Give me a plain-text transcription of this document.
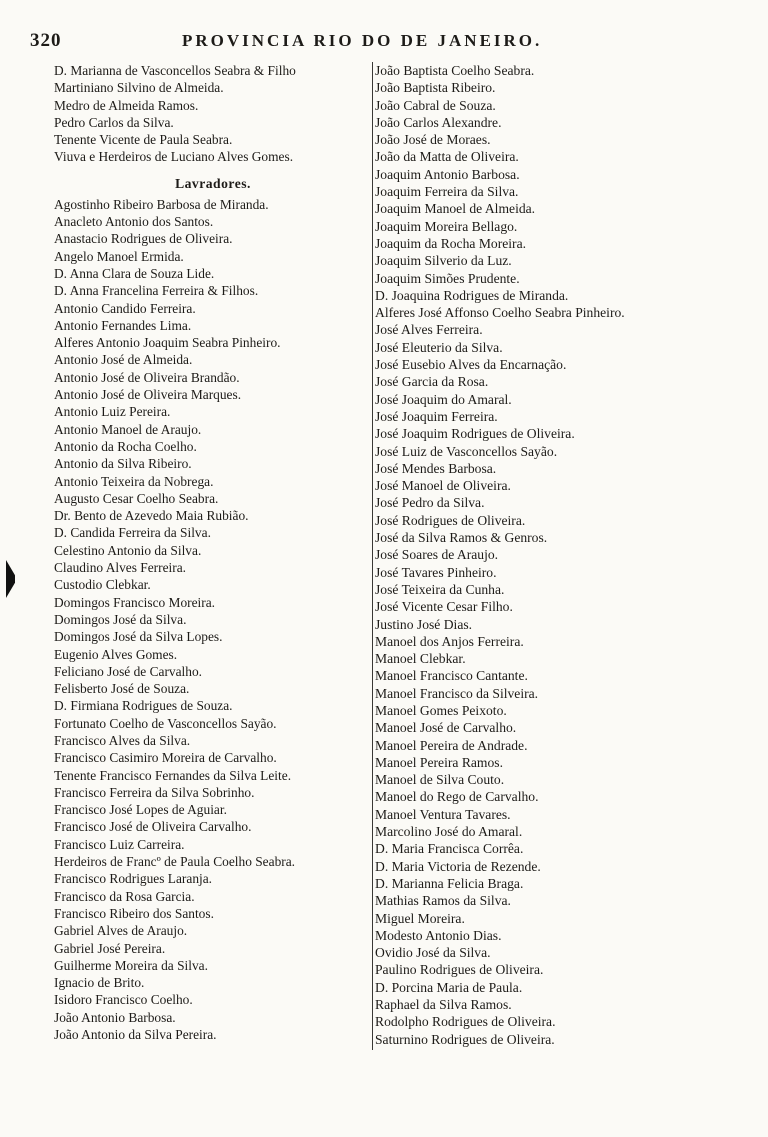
320	PROVINCIA RIO DO DE JANEIRO.
D. Marianna de Vasconcellos Seabra & Filho
Martiniano Silvino de Almeida.
Medro de Almeida Ramos.
Pedro Carlos da Silva.
Tenente Vicente de Paula Seabra.
Viuva e Herdeiros de Luciano Alves Gomes.
Lavradores.
Agostinho Ribeiro Barbosa de Miranda.
Anacleto Antonio dos Santos.
Anastacio Rodrigues de Oliveira.
Angelo Manoel Ermida.
D. Anna Clara de Souza Lide.
D. Anna Francelina Ferreira & Filhos.
Antonio Candido Ferreira.
Antonio Fernandes Lima.
Alferes Antonio Joaquim Seabra Pinheiro.
Antonio José de Almeida.
Antonio José de Oliveira Brandão.
Antonio José de Oliveira Marques.
Antonio Luiz Pereira.
Antonio Manoel de Araujo.
Antonio da Rocha Coelho.
Antonio da Silva Ribeiro.
Antonio Teixeira da Nobrega.
Augusto Cesar Coelho Seabra.
Dr. Bento de Azevedo Maia Rubião.
D. Candida Ferreira da Silva.
Celestino Antonio da Silva.
Claudino Alves Ferreira.
Custodio Clebkar.
Domingos Francisco Moreira.
Domingos José da Silva.
Domingos José da Silva Lopes.
Eugenio Alves Gomes.
Feliciano José de Carvalho.
Felisberto José de Souza.
D. Firmiana Rodrigues de Souza.
Fortunato Coelho de Vasconcellos Sayão.
Francisco Alves da Silva.
Francisco Casimiro Moreira de Carvalho.
Tenente Francisco Fernandes da Silva Leite.
Francisco Ferreira da Silva Sobrinho.
Francisco José Lopes de Aguiar.
Francisco José de Oliveira Carvalho.
Francisco Luiz Carreira.
Herdeiros de Francº de Paula Coelho Seabra.
Francisco Rodrigues Laranja.
Francisco da Rosa Garcia.
Francisco Ribeiro dos Santos.
Gabriel Alves de Araujo.
Gabriel José Pereira.
Guilherme Moreira da Silva.
Ignacio de Brito.
Isidoro Francisco Coelho.
João Antonio Barbosa.
João Antonio da Silva Pereira.
João Baptista Coelho Seabra.
João Baptista Ribeiro.
João Cabral de Souza.
João Carlos Alexandre.
João José de Moraes.
João da Matta de Oliveira.
Joaquim Antonio Barbosa.
Joaquim Ferreira da Silva.
Joaquim Manoel de Almeida.
Joaquim Moreira Bellago.
Joaquim da Rocha Moreira.
Joaquim Silverio da Luz.
Joaquim Simões Prudente.
D. Joaquina Rodrigues de Miranda.
Alferes José Affonso Coelho Seabra Pinheiro.
José Alves Ferreira.
José Eleuterio da Silva.
José Eusebio Alves da Encarnação.
José Garcia da Rosa.
José Joaquim do Amaral.
José Joaquim Ferreira.
José Joaquim Rodrigues de Oliveira.
José Luiz de Vasconcellos Sayão.
José Mendes Barbosa.
José Manoel de Oliveira.
José Pedro da Silva.
José Rodrigues de Oliveira.
José da Silva Ramos & Genros.
José Soares de Araujo.
José Tavares Pinheiro.
José Teixeira da Cunha.
José Vicente Cesar Filho.
Justino José Dias.
Manoel dos Anjos Ferreira.
Manoel Clebkar.
Manoel Francisco Cantante.
Manoel Francisco da Silveira.
Manoel Gomes Peixoto.
Manoel José de Carvalho.
Manoel Pereira de Andrade.
Manoel Pereira Ramos.
Manoel de Silva Couto.
Manoel do Rego de Carvalho.
Manoel Ventura Tavares.
Marcolino José do Amaral.
D. Maria Francisca Corrêa.
D. Maria Victoria de Rezende.
D. Marianna Felicia Braga.
Mathias Ramos da Silva.
Miguel Moreira.
Modesto Antonio Dias.
Ovidio José da Silva.
Paulino Rodrigues de Oliveira.
D. Porcina Maria de Paula.
Raphael da Silva Ramos.
Rodolpho Rodrigues de Oliveira.
Saturnino Rodrigues de Oliveira.
